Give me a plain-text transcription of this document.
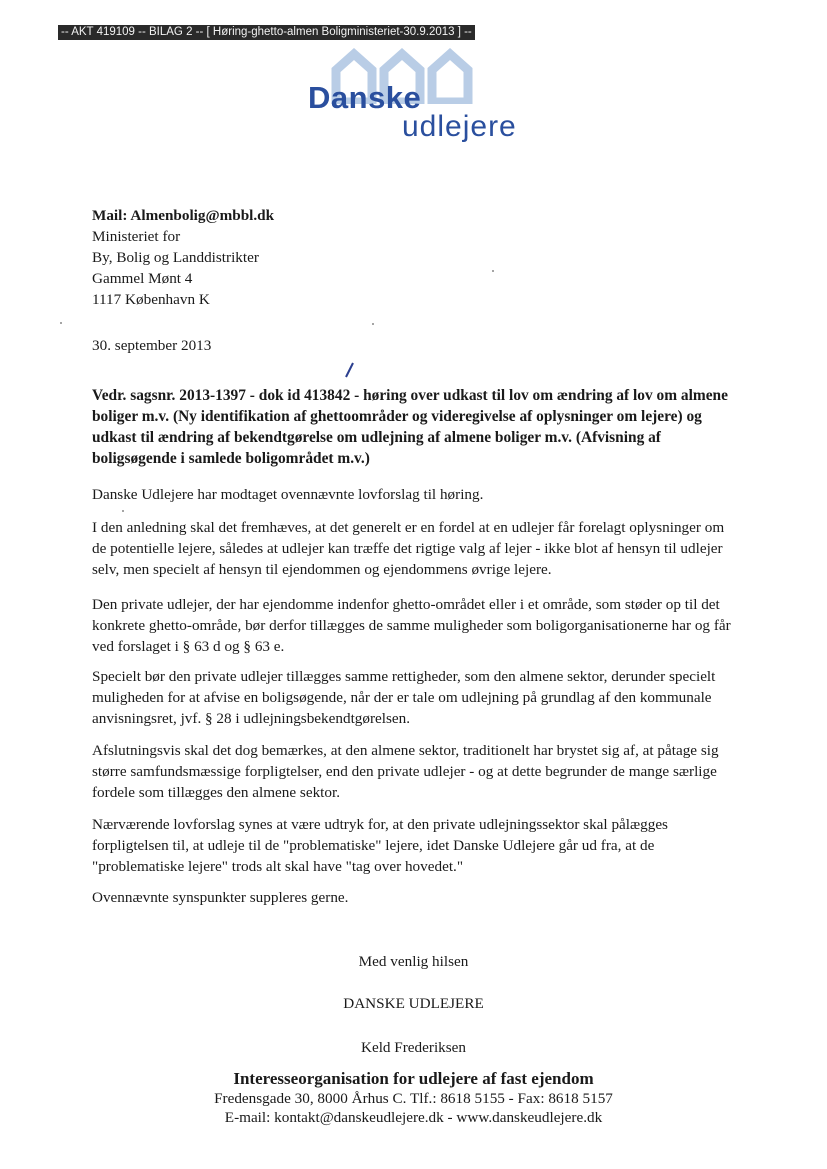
-- AKT 419109 -- BILAG 2 -- [ Høring-ghetto-almen Boligministeriet-30.9.2013 ] --
Danske
udlejere
Mail: Almenbolig@mbbl.dk
Ministeriet for
By, Bolig og Landdistrikter
Gammel Mønt 4
1117 København K
30. september 2013
Vedr. sagsnr. 2013-1397 - dok id 413842 - høring over udkast til lov om ændring af lov om almene boliger m.v. (Ny identifikation af ghettoområder og videregivelse af oplysninger om lejere) og udkast til ændring af bekendtgørelse om udlejning af almene boliger m.v. (Afvisning af boligsøgende i samlede boligområdet m.v.)
Danske Udlejere har modtaget ovennævnte lovforslag til høring.
I den anledning skal det fremhæves, at det generelt er en fordel at en udlejer får forelagt oplysninger om de potentielle lejere, således at udlejer kan træffe det rigtige valg af lejer - ikke blot af hensyn til udlejer selv, men specielt af hensyn til ejendommen og ejendommens øvrige lejere.
Den private udlejer, der har ejendomme indenfor ghetto-området eller i et område, som støder op til det konkrete ghetto-område, bør derfor tillægges de samme muligheder som boligorganisationerne har og får ved forslaget i § 63 d og § 63 e.
Specielt bør den private udlejer tillægges samme rettigheder, som den almene sektor, derunder specielt muligheden for at afvise en boligsøgende, når der er tale om udlejning på grundlag af den kommunale anvisningsret, jvf. § 28 i udlejningsbekendtgørelsen.
Afslutningsvis skal det dog bemærkes, at den almene sektor, traditionelt har brystet sig af, at påtage sig større samfundsmæssige forpligtelser, end den private udlejer - og at dette begrunder de mange særlige fordele som tillægges den almene sektor.
Nærværende lovforslag synes at være udtryk for, at den private udlejningssektor skal pålægges forpligtelsen til, at udleje til de "problematiske" lejere, idet Danske Udlejere går ud fra, at de "problematiske lejere" trods alt skal have "tag over hovedet."
Ovennævnte synspunkter suppleres gerne.
Med venlig hilsen
DANSKE UDLEJERE
Keld Frederiksen
Interesseorganisation for udlejere af fast ejendom
Fredensgade 30, 8000 Århus C. Tlf.: 8618 5155 - Fax: 8618 5157
E-mail: kontakt@danskeudlejere.dk - www.danskeudlejere.dk
